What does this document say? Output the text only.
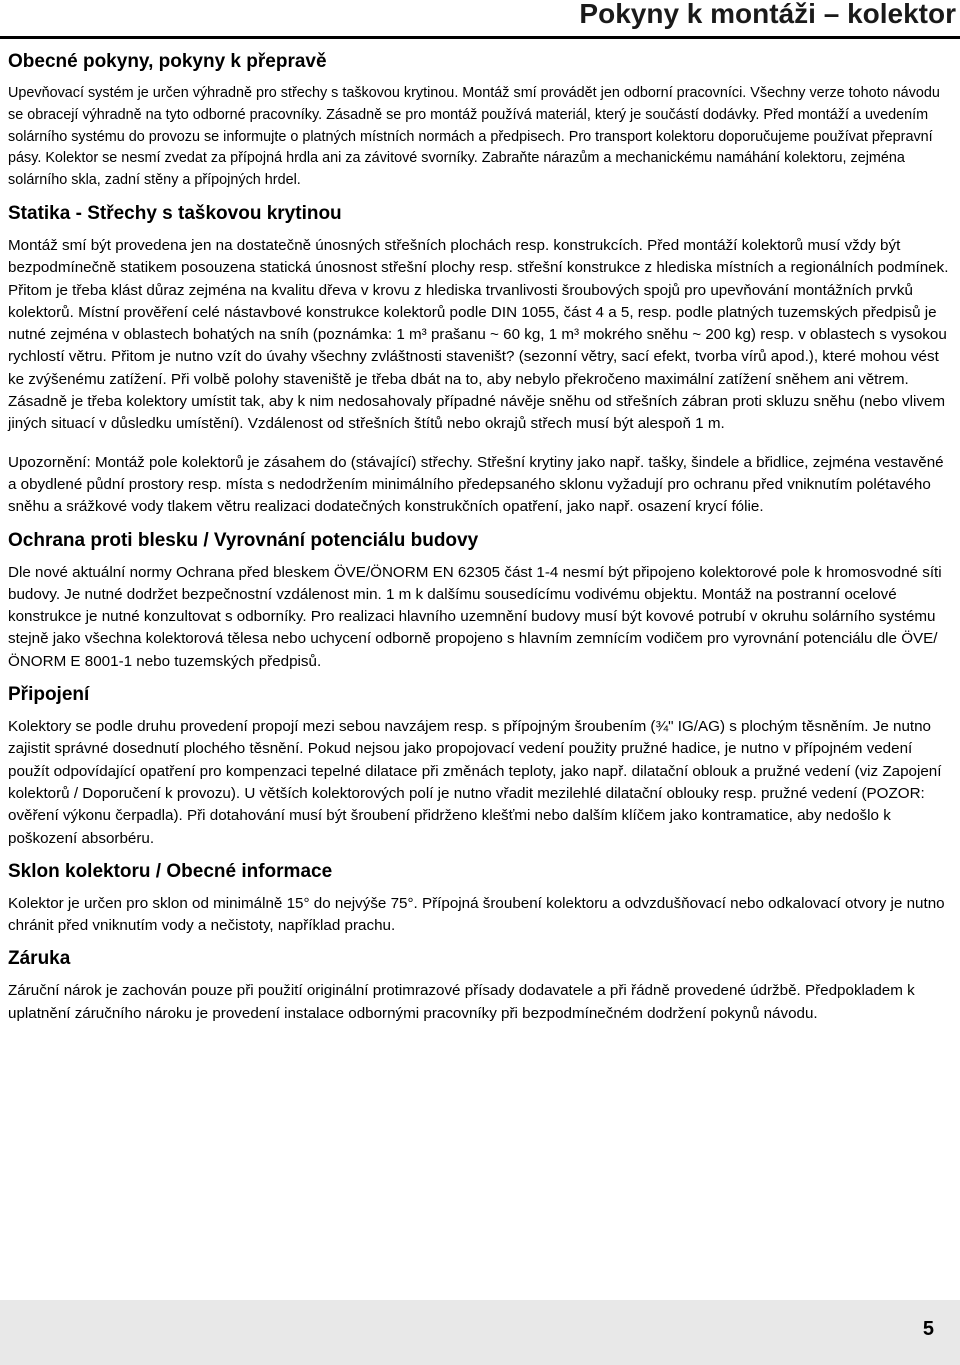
Pokyny k montáži – kolektor
Obecné pokyny, pokyny k přepravě

Upevňovací systém je určen výhradně pro střechy s taškovou krytinou. Montáž smí provádět jen odborní pracovníci. Všechny verze tohoto návodu se obracejí výhradně na tyto odborné pracovníky. Zásadně se pro montáž používá materiál, který je součástí dodávky. Před montáží a uvedením solárního systému do provozu se informujte o platných místních normách a předpisech. Pro transport kolektoru doporučujeme používat přepravní pásy. Kolektor se nesmí zvedat za přípojná hrdla ani za závitové svorníky. Zabraňte nárazům a mechanickému namáhání kolektoru, zejména solárního skla, zadní stěny a přípojných hrdel.

Statika - Střechy s taškovou krytinou

Montáž smí být provedena jen na dostatečně únosných střešních plochách resp. konstrukcích. Před montáží kolektorů musí vždy být bezpodmínečně statikem posouzena statická únosnost střešní plochy resp. střešní konstrukce z hlediska místních a regionálních podmínek. Přitom je třeba klást důraz zejména na kvalitu dřeva v krovu z hlediska trvanlivosti šroubových spojů pro upevňování montážních prvků kolektorů. Místní prověření celé nástavbové konstrukce kolektorů podle DIN 1055, část 4 a 5, resp. podle platných tuzemských předpisů je nutné zejména v oblastech bohatých na sníh (poznámka: 1 m³ prašanu ~ 60 kg, 1 m³ mokrého sněhu ~ 200 kg) resp. v oblastech s vysokou rychlostí větru. Přitom je nutno vzít do úvahy všechny zvláštnosti staveništ? (sezonní větry, sací efekt, tvorba vírů apod.), které mohou vést ke zvýšenému zatížení. Při volbě polohy staveniště je třeba dbát na to, aby nebylo překročeno maximální zatížení sněhem ani větrem. Zásadně je třeba kolektory umístit tak, aby k nim nedosahovaly případné návěje sněhu od střešních zábran proti skluzu sněhu (nebo vlivem jiných situací v důsledku umístění). Vzdálenost od střešních štítů nebo okrajů střech musí být alespoň 1 m.

Upozornění: Montáž pole kolektorů je zásahem do (stávající) střechy. Střešní krytiny jako např. tašky, šindele a břidlice, zejména vestavěné a obydlené půdní prostory resp. místa s nedodržením minimálního předepsaného sklonu vyžadují pro ochranu před vniknutím polétavého sněhu a srážkové vody tlakem větru realizaci dodatečných konstrukčních opatření, jako např. osazení krycí fólie.

Ochrana proti blesku / Vyrovnání potenciálu budovy

Dle nové aktuální normy Ochrana před bleskem ÖVE/ÖNORM EN 62305 část 1-4 nesmí být připojeno kolektorové pole k hromosvodné síti budovy. Je nutné dodržet bezpečnostní vzdálenost min. 1 m k dalšímu sousedícímu vodivému objektu. Montáž na postranní ocelové konstrukce je nutné konzultovat s odborníky. Pro realizaci hlavního uzemnění budovy musí být kovové potrubí v okruhu solárního systému stejně jako všechna kolektorová tělesa nebo uchycení odborně propojeno s hlavním zemnícím vodičem pro vyrovnání potenciálu dle ÖVE/ÖNORM E 8001-1 nebo tuzemských předpisů.

Připojení

Kolektory se podle druhu provedení propojí mezi sebou navzájem resp. s přípojným šroubením (¾" IG/AG) s plochým těsněním. Je nutno zajistit správné dosednutí plochého těsnění. Pokud nejsou jako propojovací vedení použity pružné hadice, je nutno v přípojném vedení použít odpovídající opatření pro kompenzaci tepelné dilatace při změnách teploty, jako např. dilatační oblouk a pružné vedení (viz Zapojení kolektorů / Doporučení k provozu). U větších kolektorových polí je nutno vřadit mezilehlé dilatační oblouky resp. pružné vedení (POZOR: ověření výkonu čerpadla). Při dotahování musí být šroubení přidrženo klešťmi nebo dalším klíčem jako kontramatice, aby nedošlo k poškození absorbéru.

Sklon kolektoru / Obecné informace

Kolektor je určen pro sklon od minimálně 15° do nejvýše 75°. Přípojná šroubení kolektoru a odvzdušňovací nebo odkalovací otvory je nutno chránit před vniknutím vody a nečistoty, například prachu.

Záruka

Záruční nárok je zachován pouze při použití originální protimrazové přísady dodavatele a při řádně provedené údržbě. Předpokladem k uplatnění záručního nároku je provedení instalace odbornými pracovníky při bezpodmínečném dodržení pokynů návodu.

5
